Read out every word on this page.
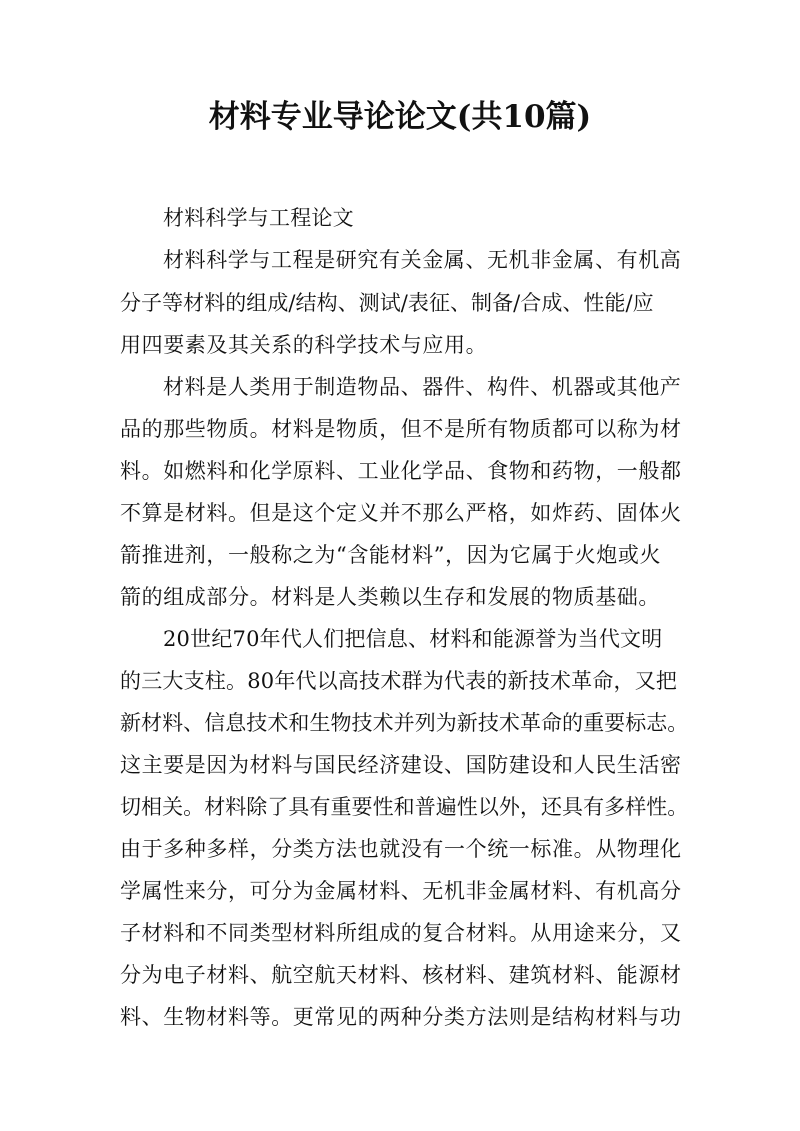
材料专业导论论文(共10篇)
材料科学与工程论文
材料科学与工程是研究有关金属、无机非金属、有机高
分子等材料的组成/结构、测试/表征、制备/合成、性能/应
用四要素及其关系的科学技术与应用。
材料是人类用于制造物品、器件、构件、机器或其他产
品的那些物质。材料是物质，但不是所有物质都可以称为材
料。如燃料和化学原料、工业化学品、食物和药物，一般都
不算是材料。但是这个定义并不那么严格，如炸药、固体火
箭推进剂，一般称之为“含能材料”，因为它属于火炮或火
箭的组成部分。材料是人类赖以生存和发展的物质基础。
20世纪70年代人们把信息、材料和能源誉为当代文明
的三大支柱。80年代以高技术群为代表的新技术革命，又把
新材料、信息技术和生物技术并列为新技术革命的重要标志。
这主要是因为材料与国民经济建设、国防建设和人民生活密
切相关。材料除了具有重要性和普遍性以外，还具有多样性。
由于多种多样，分类方法也就没有一个统一标准。从物理化
学属性来分，可分为金属材料、无机非金属材料、有机高分
子材料和不同类型材料所组成的复合材料。从用途来分，又
分为电子材料、航空航天材料、核材料、建筑材料、能源材
料、生物材料等。更常见的两种分类方法则是结构材料与功
